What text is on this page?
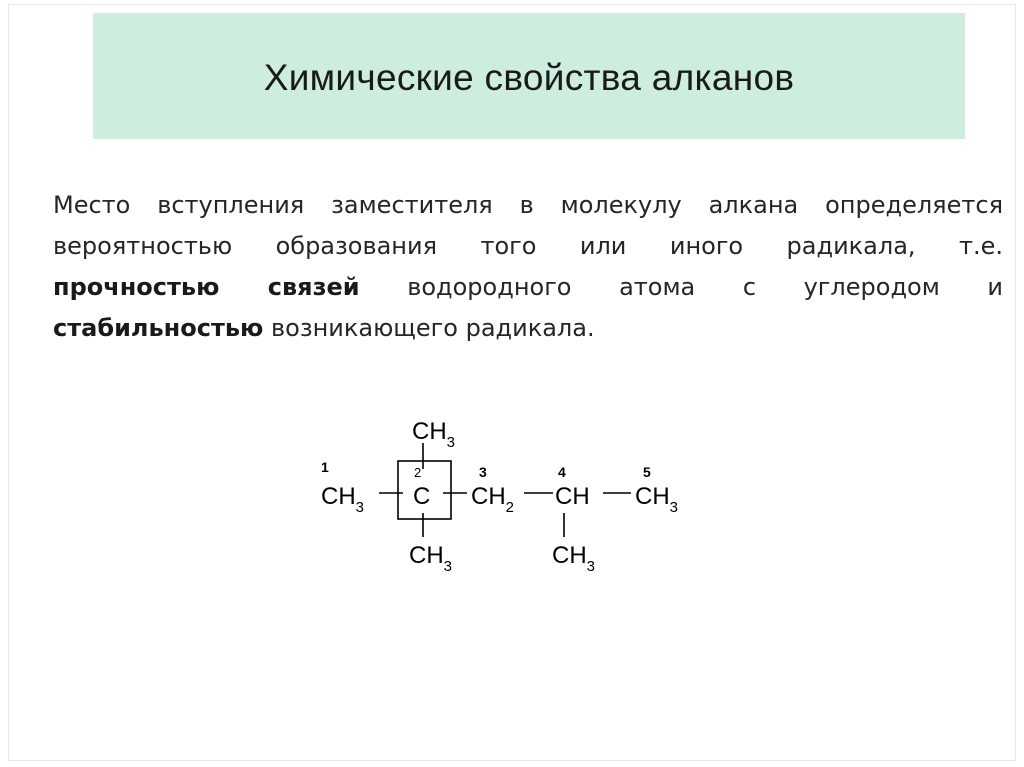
Химические свойства алканов
Место вступления заместителя в молекулу алкана определяется
вероятностью образования того или иного радикала, т.е.
прочностью связей водородного атома с углеродом и
стабильностью возникающего радикала.
$CH_3$
1
$CH_3$
2
C
3
$CH_2$
4
CH
5
$CH_3$
$CH_3$	$CH_3$
